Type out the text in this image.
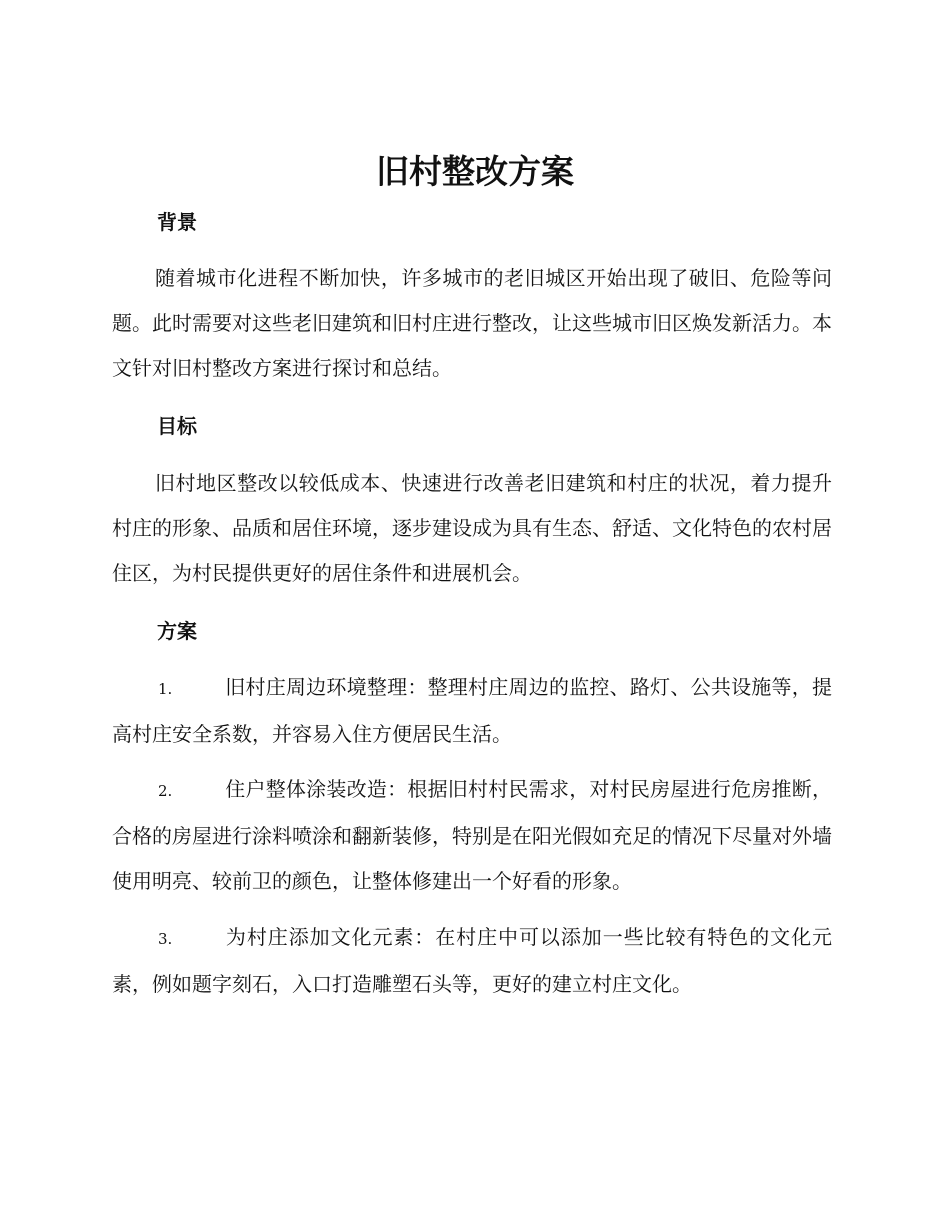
旧村整改方案
背景

随着城市化进程不断加快，许多城市的老旧城区开始出现了破旧、危险等问题。此时需要对这些老旧建筑和旧村庄进行整改，让这些城市旧区焕发新活力。本文针对旧村整改方案进行探讨和总结。

目标

旧村地区整改以较低成本、快速进行改善老旧建筑和村庄的状况，着力提升村庄的形象、品质和居住环境，逐步建设成为具有生态、舒适、文化特色的农村居住区，为村民提供更好的居住条件和进展机会。

方案

1.	旧村庄周边环境整理：整理村庄周边的监控、路灯、公共设施等，提高村庄安全系数，并容易入住方便居民生活。

2.	住户整体涂装改造：根据旧村村民需求，对村民房屋进行危房推断，合格的房屋进行涂料喷涂和翻新装修，特别是在阳光假如充足的情况下尽量对外墙使用明亮、较前卫的颜色，让整体修建出一个好看的形象。

3.	为村庄添加文化元素：在村庄中可以添加一些比较有特色的文化元素，例如题字刻石，入口打造雕塑石头等，更好的建立村庄文化。
